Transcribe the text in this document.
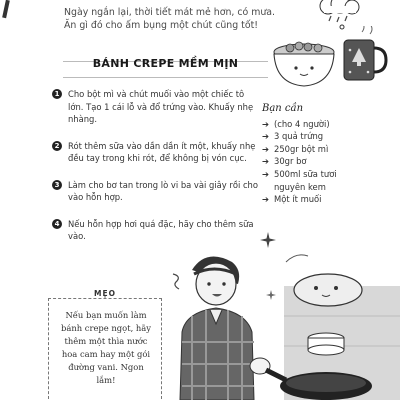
Ngày ngắn lại, thời tiết mát mẻ hơn, có mưa.
Ăn gì đó cho ấm bụng một chút cũng tốt!
BÁNH CREPE MỀM MỊN
1	Cho bột mì và chút muối vào một chiếc tô lớn. Tạo 1 cái lỗ và đổ trứng vào. Khuấy nhẹ nhàng.
2	Rót thêm sữa vào dần dần ít một, khuấy nhẹ đều tay trong khi rót, để không bị vón cục.
3	Làm cho bơ tan trong lò vi ba vài giây rồi cho vào hỗn hợp.
4	Nếu hỗn hợp hơi quá đặc, hãy cho thêm sữa vào.
Bạn cần
➔ (cho 4 người)
➔ 3 quả trứng
➔ 250gr bột mì
➔ 30gr bơ
➔ 500ml sữa tươi nguyên kem
➔ Một ít muối
MẸO
Nếu bạn muốn làm bánh crepe ngọt, hãy thêm một thìa nước hoa cam hay một gói đường vani. Ngon lắm!
